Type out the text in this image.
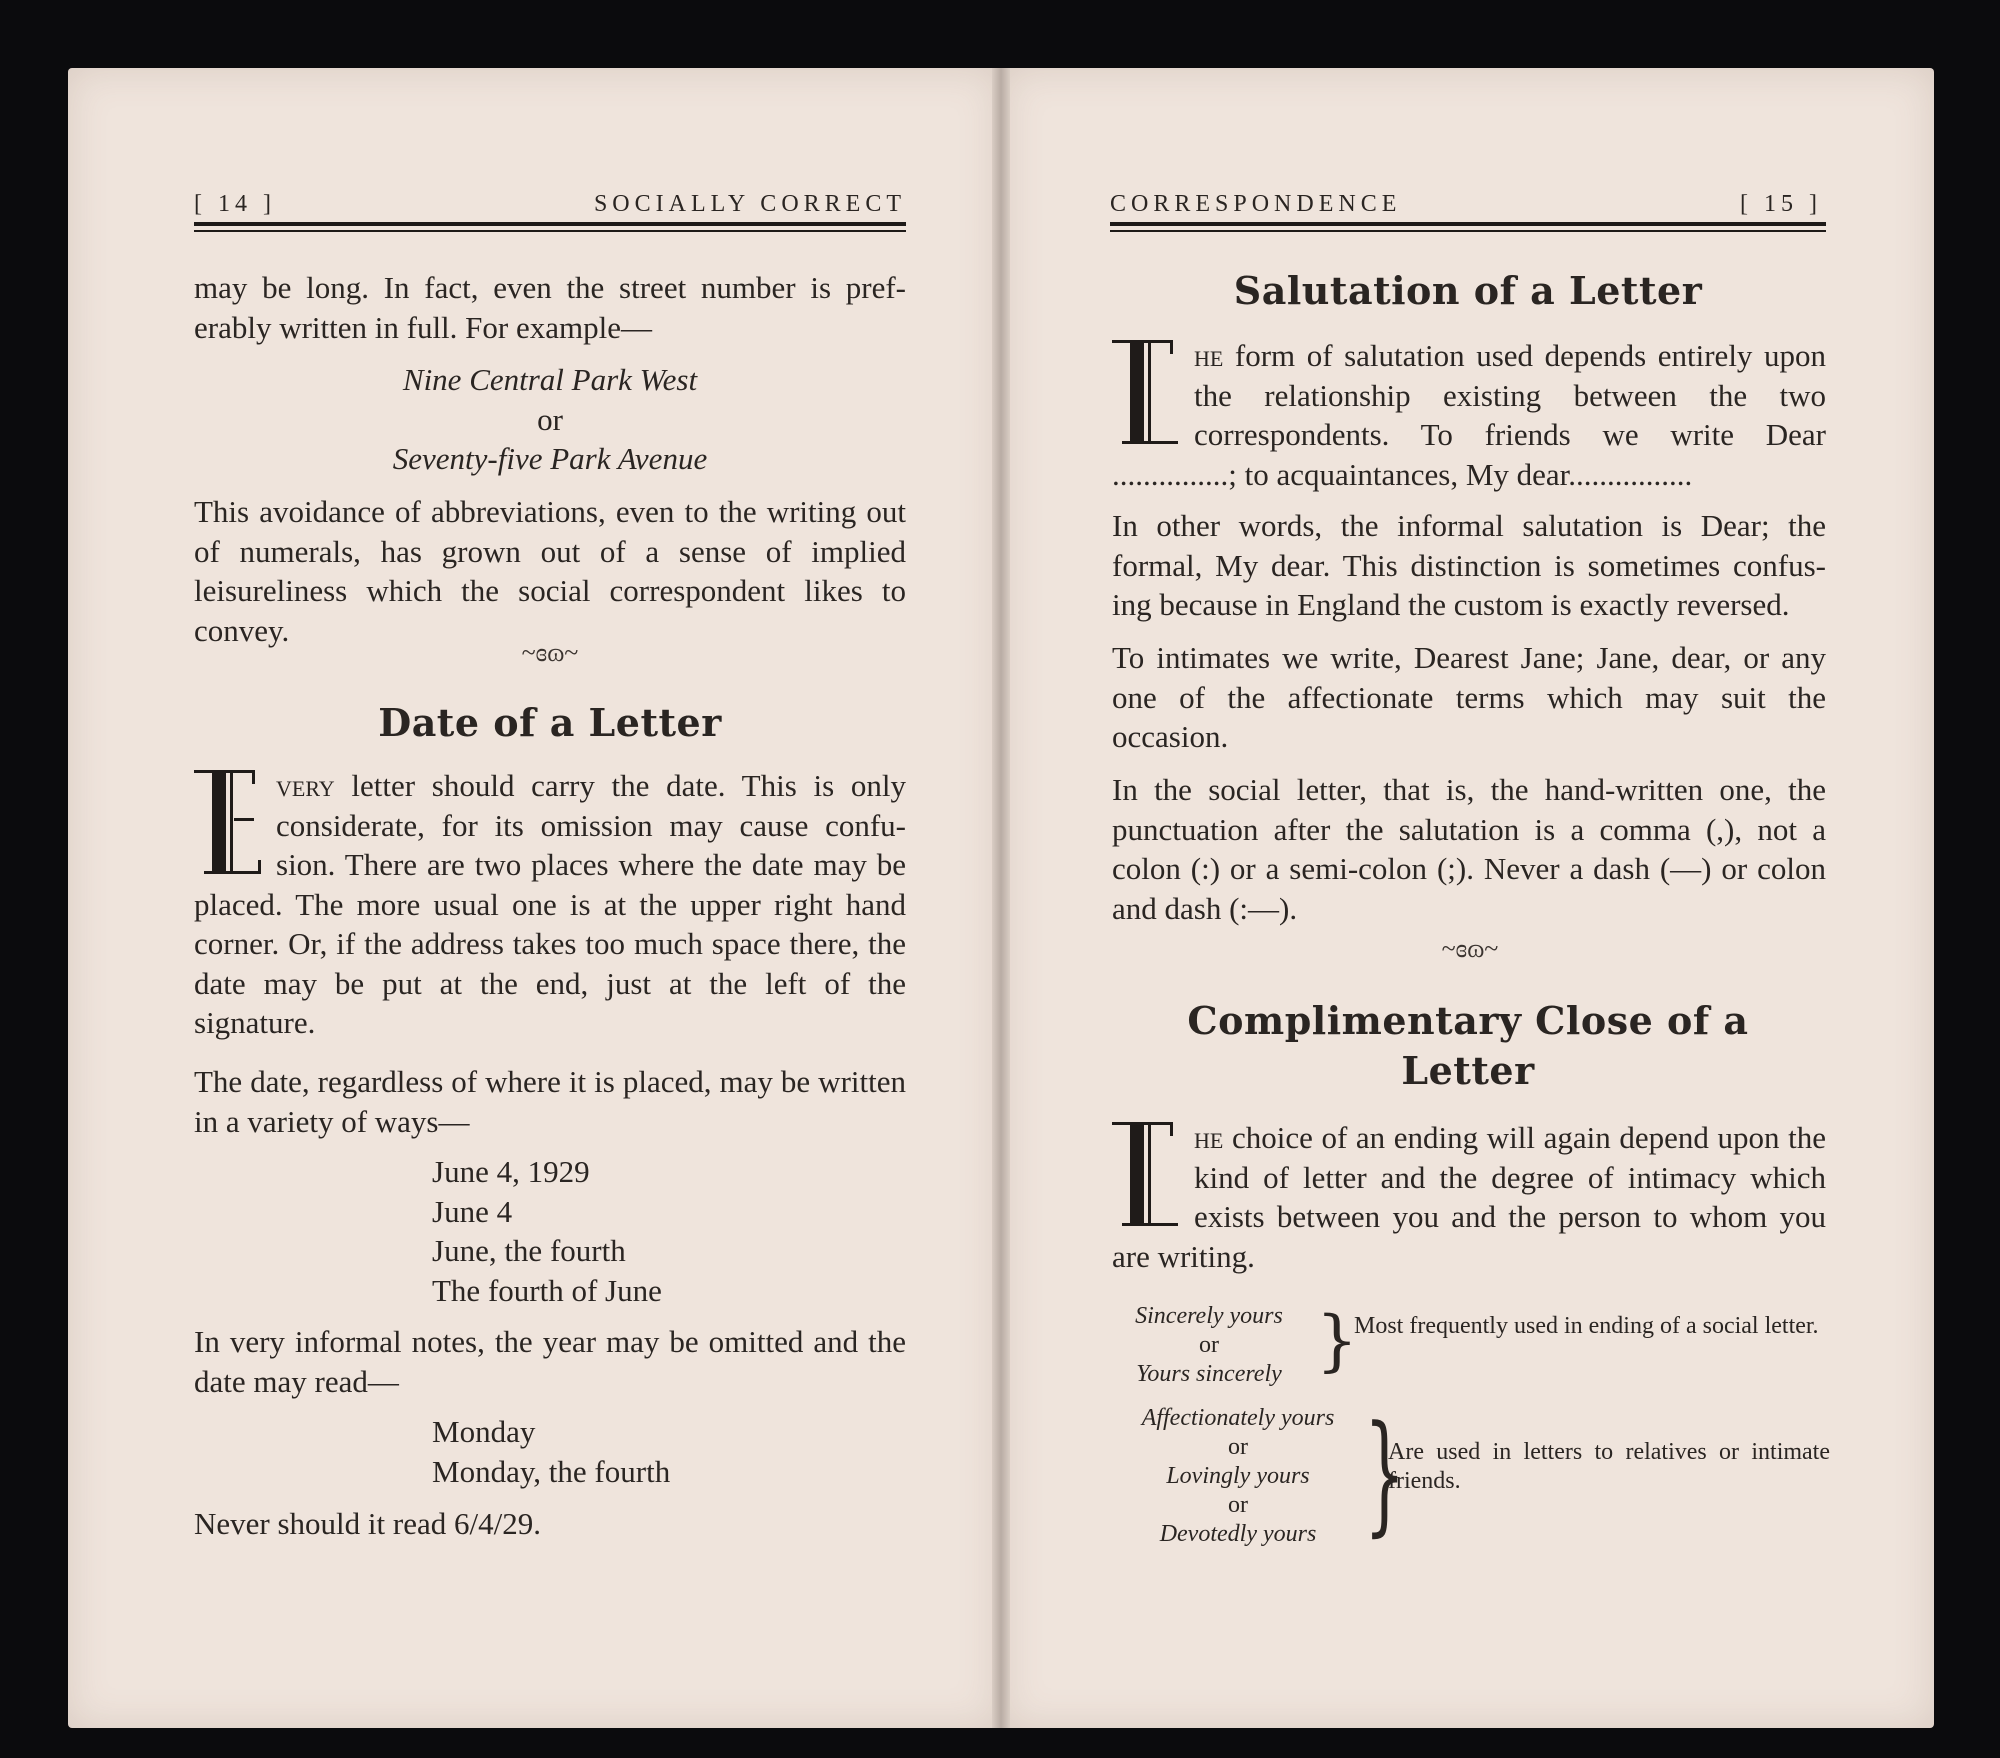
[ 14 ]	SOCIALLY CORRECT

may be long. In fact, even the street number is pref-erably written in full. For example—

Nine Central Park West

or

Seventy-five Park Avenue

This avoidance of abbreviations, even to the writing out of numerals, has grown out of a sense of implied leisureliness which the social correspondent likes to convey.

~ɞɷ~
Date of a Letter

very letter should carry the date. This is only considerate, for its omission may cause confu-sion. There are two places where the date may be placed. The more usual one is at the upper right hand corner. Or, if the address takes too much space there, the date may be put at the end, just at the left of the signature.

The date, regardless of where it is placed, may be written in a variety of ways—

June 4, 1929

June 4

June, the fourth

The fourth of June

In very informal notes, the year may be omitted and the date may read—

Monday

Monday, the fourth

Never should it read 6/4/29.

CORRESPONDENCE	[ 15 ]
Salutation of a Letter

he form of salutation used depends entirely upon the relationship existing between the two correspondents. To friends we write Dear ...............; to acquaintances, My dear................

In other words, the informal salutation is Dear; the formal, My dear. This distinction is sometimes confus-ing because in England the custom is exactly reversed.

To intimates we write, Dearest Jane; Jane, dear, or any one of the affectionate terms which may suit the occasion.

In the social letter, that is, the hand-written one, the punctuation after the salutation is a comma (,), not a colon (:) or a semi-colon (;). Never a dash (—) or colon and dash (:—).

~ɞɷ~
Complimentary Close of a
Letter

he choice of an ending will again depend upon the kind of letter and the degree of intimacy which exists between you and the person to whom you are writing.

Sincerely yours
or
Yours sincerely }
Most frequently used in ending of a social letter.
Affectionately yours
or
Lovingly yours
or
Devotedly yours }
Are used in letters to relatives or intimate friends.
